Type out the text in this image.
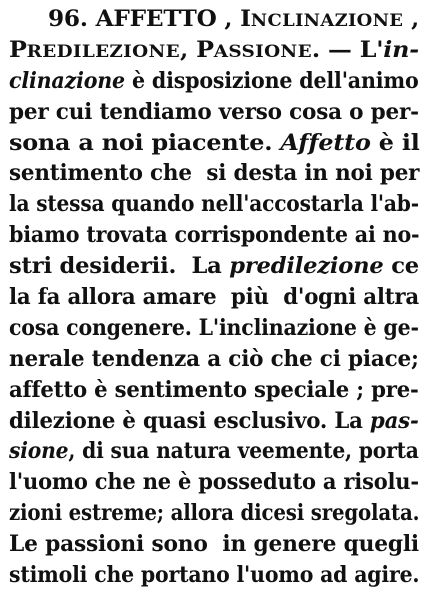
96. AFFETTO , INCLINAZIONE ,
PREDILEZIONE, PASSIONE. — L'in-
clinazione è disposizione dell'animo
per cui tendiamo verso cosa o per-
sona a noi piacente. Affetto è il
sentimento che  si desta in noi per
la stessa quando nell'accostarla l'ab-
biamo trovata corrispondente ai no-
stri desiderii.  La predilezione ce
la fa allora amare  più  d'ogni altra
cosa congenere. L'inclinazione è ge-
nerale tendenza a ciò che ci piace;
affetto è sentimento speciale ; pre-
dilezione è quasi esclusivo. La pas-
sione, di sua natura veemente, porta
l'uomo che ne è posseduto a risolu-
zioni estreme; allora dicesi sregolata.
Le passioni sono  in genere quegli
stimoli che portano l'uomo ad agire.
